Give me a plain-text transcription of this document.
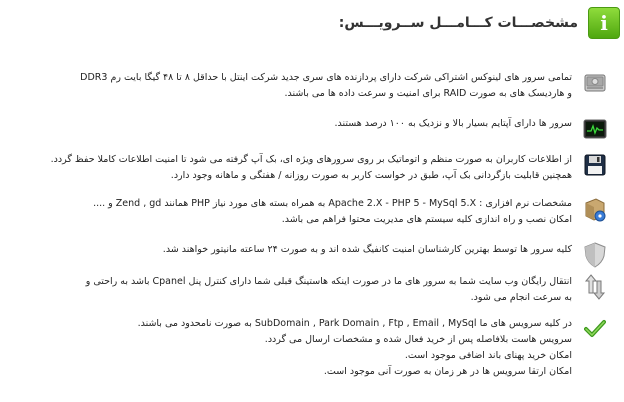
i
مشخصـــات کـــامـــل ســرویـــس:
تمامی سرور های لینوکس اشتراکی شرکت دارای پردازنده های سری جدید شرکت اینتل با حداقل ۸ تا ۴۸ گیگا بایت رم DDR3
و هاردیسک های به صورت RAID برای امنیت و سرعت داده ها می باشند.
سرور ها دارای آپتایم بسیار بالا و نزدیک به ۱۰۰ درصد هستند.
از اطلاعات کاربران به صورت منظم و اتوماتیک بر روی سرورهای ویژه ای، بک آپ گرفته می شود تا امنیت اطلاعات کاملا حفظ گردد.
همچنین قابلیت بازگردانی بک آپ، طبق در خواست کاربر به صورت روزانه / هفتگی و ماهانه وجود دارد.
مشخصات نرم افزاری : Apache 2.X - PHP 5 - MySql 5.X به همراه بسته های مورد نیاز PHP همانند Zend , gd و ....
امکان نصب و راه اندازی کلیه سیستم های مدیریت محتوا فراهم می باشد.
کلیه سرور ها توسط بهترین کارشناسان امنیت کانفیگ شده اند و به صورت ۲۴ ساعته مانیتور خواهند شد.
انتقال رایگان وب سایت شما به سرور های ما در صورت اینکه هاستینگ قبلی شما دارای کنترل پنل Cpanel باشد به راحتی و
به سرعت انجام می شود.
در کلیه سرویس های ما SubDomain , Park Domain , Ftp , Email , MySql به صورت نامحدود می باشند.
سرویس هاست بلافاصله پس از خرید فعال شده و مشخصات ارسال می گردد.
امکان خرید پهنای باند اضافی موجود است.
امکان ارتقا سرویس ها در هر زمان به صورت آنی موجود است.
